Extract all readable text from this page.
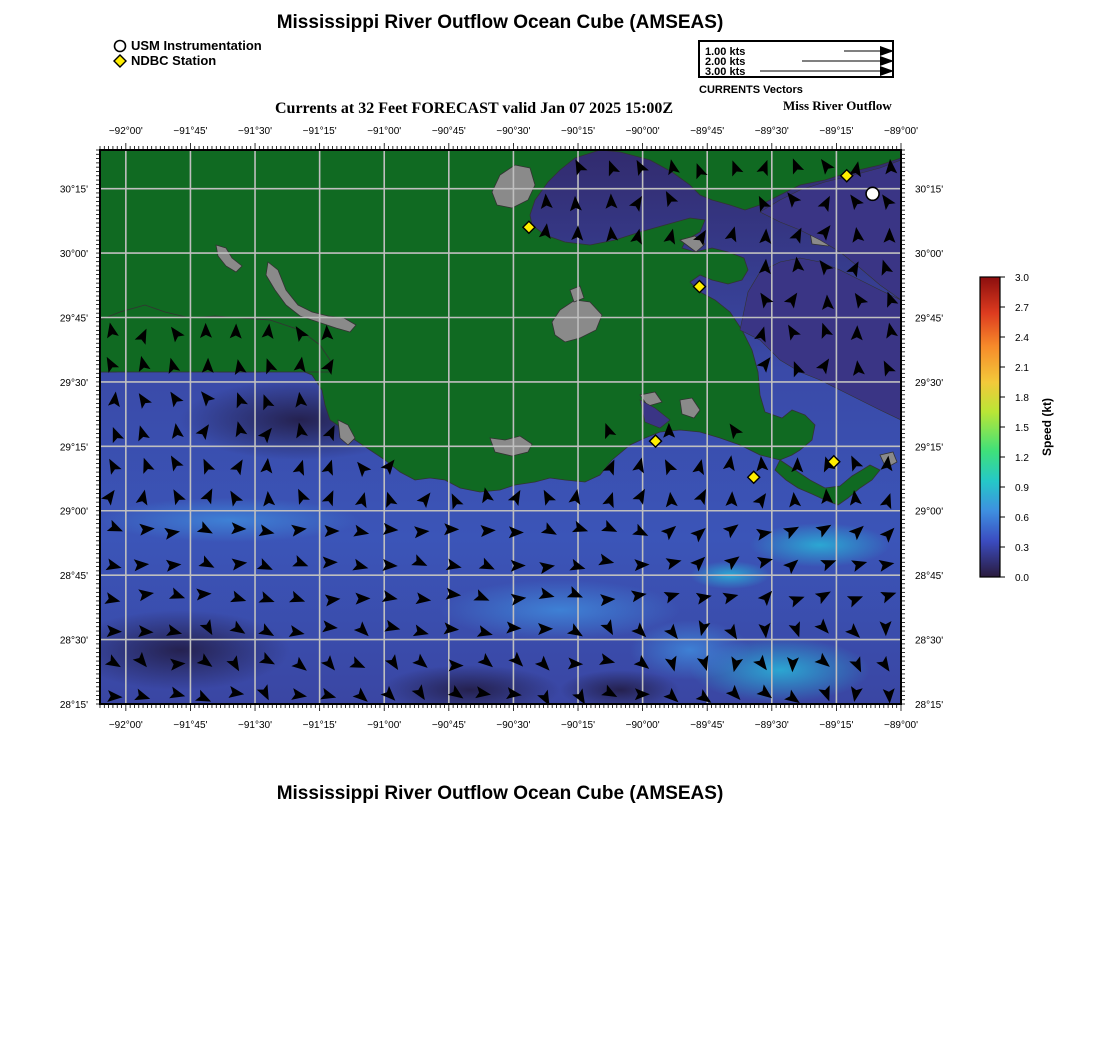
Mississippi River Outflow Ocean Cube (AMSEAS)
USM Instrumentation
NDBC Station
1.00 kts
2.00 kts
3.00 kts
CURRENTS Vectors
Currents at 32 Feet FORECAST valid Jan 07 2025 15:00Z	Miss River Outflow
−92°00'
−92°00'
−91°45'
−91°45'
−91°30'
−91°30'
−91°15'
−91°15'
−91°00'
−91°00'
−90°45'
−90°45'
−90°30'
−90°30'
−90°15'
−90°15'
−90°00'
−90°00'
−89°45'
−89°45'
−89°30'
−89°30'
−89°15'
−89°15'
−89°00'
−89°00'
30°15'	30°15'
30°00'	30°00'
29°45'	29°45'
29°30'	29°30'
29°15'	29°15'
29°00'	29°00'
28°45'	28°45'
28°30'	28°30'
28°15'	28°15'
3.0
2.7
2.4
2.1
1.8
1.5
1.2
0.9
0.6
0.3
0.0
Speed (kt)
Mississippi River Outflow Ocean Cube (AMSEAS)
